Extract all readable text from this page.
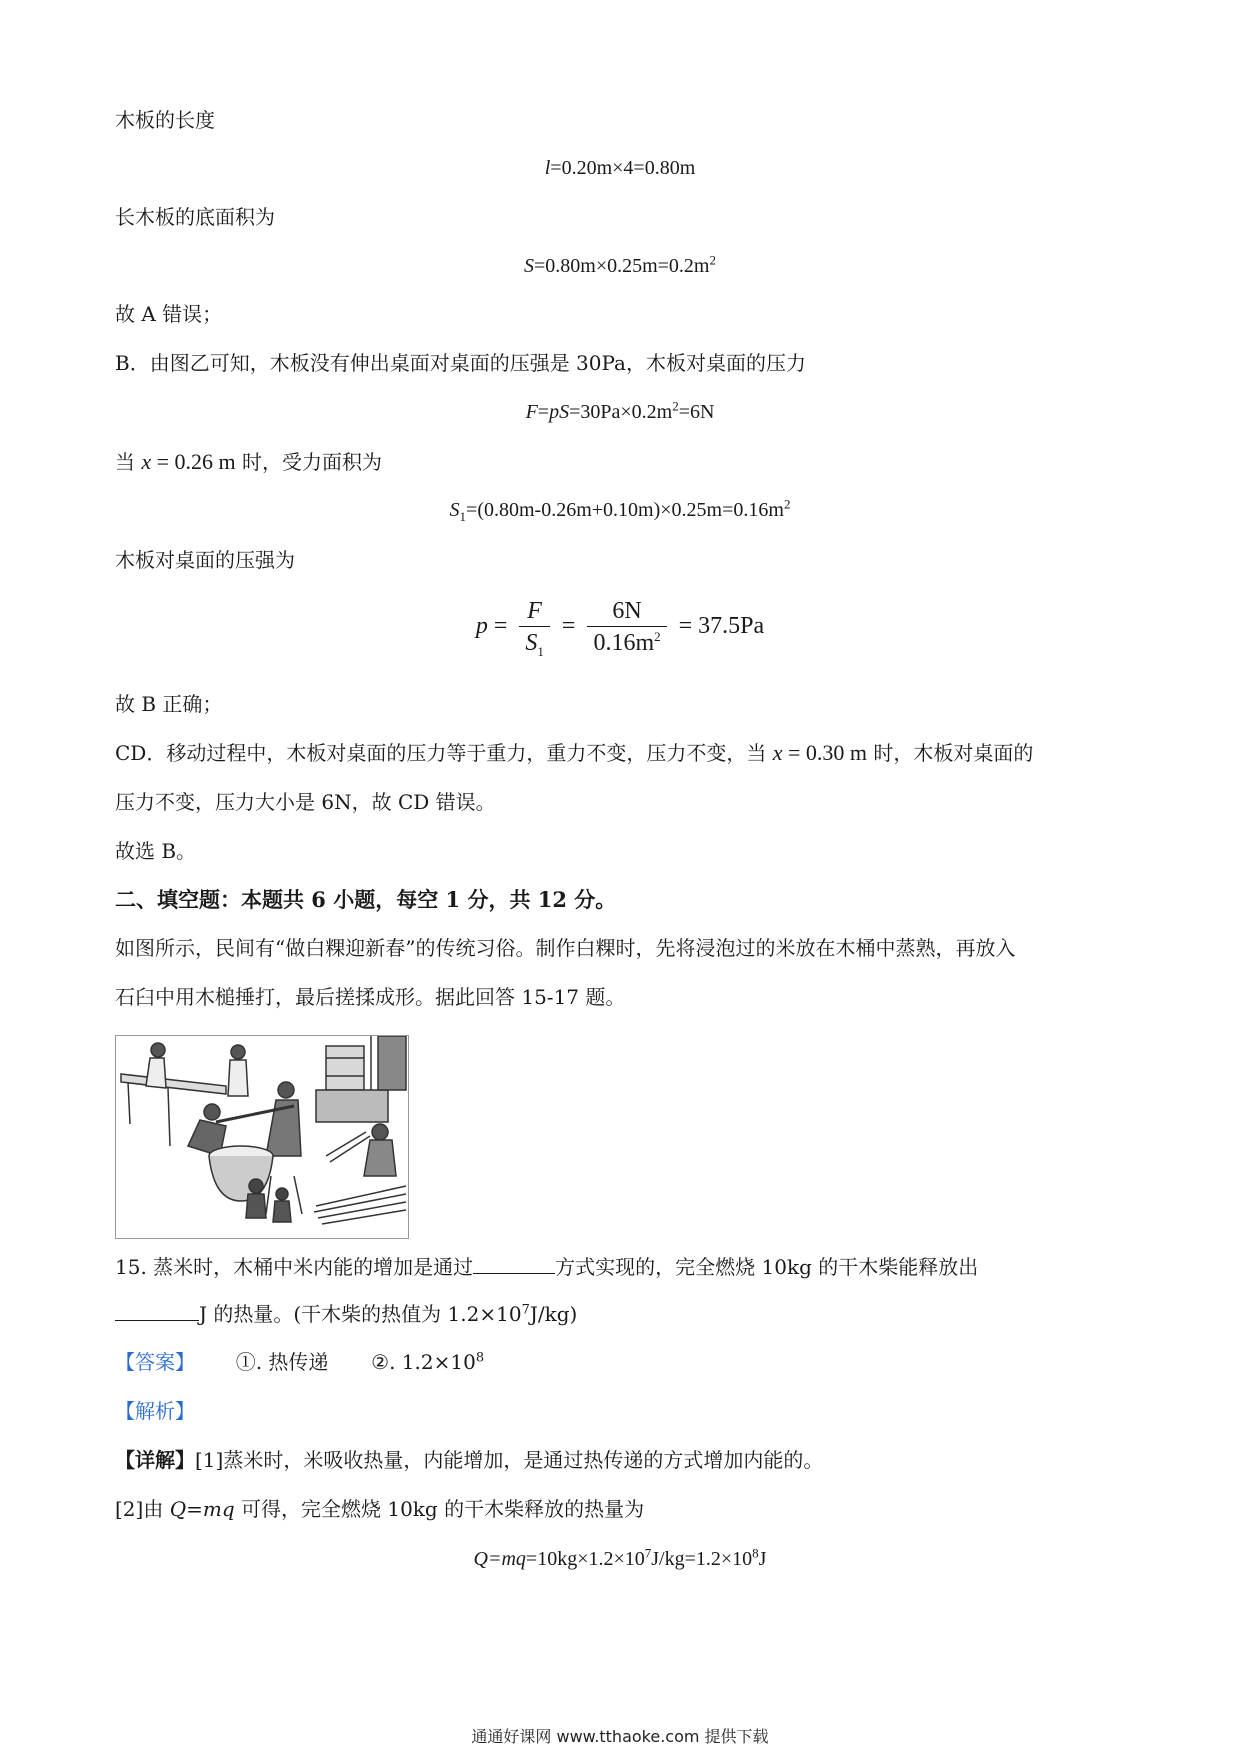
木板的长度
l=0.20m×4=0.80m
长木板的底面积为
$S=0.80m\times 0.25m=0.2m^2$
故 A 错误；
B．由图乙可知，木板没有伸出桌面对桌面的压强是 30Pa，木板对桌面的压力
$F=pS=30Pa\times 0.2m^2=6N$
当 x = 0.26 m 时，受力面积为
$S_1=(0.80m-0.26m+0.10m)\times 0.25m=0.16m^2$
木板对桌面的压强为
$p = \frac{F}{S_1} = \frac{6N}{0.16m^2} = 37.5Pa$
故 B 正确；
CD．移动过程中，木板对桌面的压力等于重力，重力不变，压力不变，当 x = 0.30 m 时，木板对桌面的
压力不变，压力大小是 6N，故 CD 错误。
故选 B。
二、填空题：本题共 6 小题，每空 1 分，共 12 分。
如图所示，民间有“做白粿迎新春”的传统习俗。制作白粿时，先将浸泡过的米放在木桶中蒸熟，再放入
石臼中用木槌捶打，最后搓揉成形。据此回答 15-17 题。
15. 蒸米时，木桶中米内能的增加是通过	方式实现的，完全燃烧 10kg 的干木柴能释放出
J 的热量。(干木柴的热值为 $1.2\times 10^7J/kg$)
【答案】 ①. 热传递 ②. $1.2\times 10^8$
【解析】
【详解】[1]蒸米时，米吸收热量，内能增加，是通过热传递的方式增加内能的。
[2]由 Q=mq 可得，完全燃烧 10kg 的干木柴释放的热量为
$Q=mq=10kg\times 1.2\times 10^7J/kg=1.2\times 10^8J$
通通好课网 www.tthaoke.com 提供下载
